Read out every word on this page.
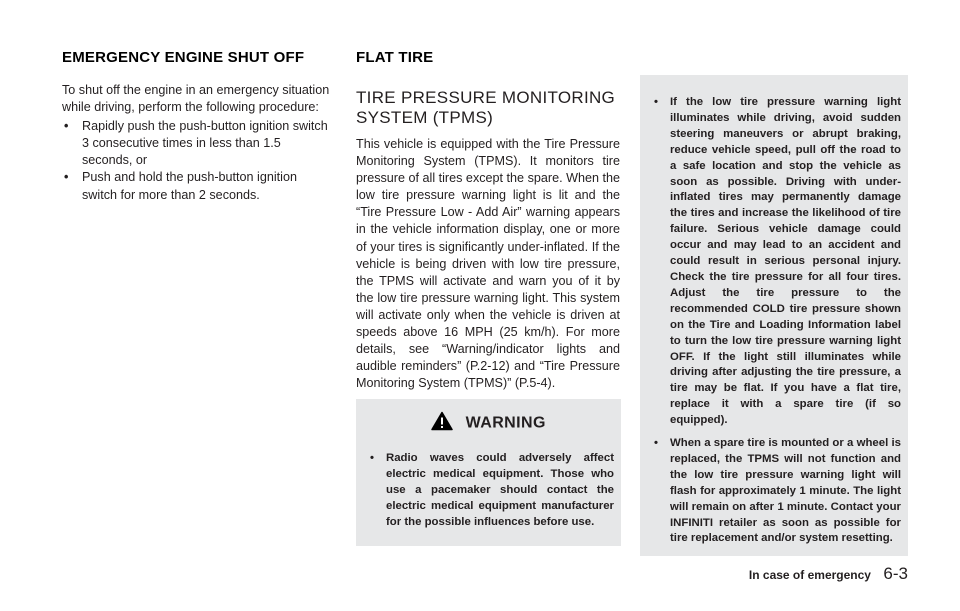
EMERGENCY ENGINE SHUT OFF
To shut off the engine in an emergency situation while driving, perform the following procedure:
• Rapidly push the push-button ignition switch 3 consecutive times in less than 1.5 seconds, or
• Push and hold the push-button ignition switch for more than 2 seconds.
FLAT TIRE
TIRE PRESSURE MONITORING SYSTEM (TPMS)
This vehicle is equipped with the Tire Pressure Monitoring System (TPMS). It monitors tire pressure of all tires except the spare. When the low tire pressure warning light is lit and the “Tire Pressure Low - Add Air” warning appears in the vehicle information display, one or more of your tires is significantly under-inflated. If the vehicle is being driven with low tire pressure, the TPMS will activate and warn you of it by the low tire pressure warning light. This system will activate only when the vehicle is driven at speeds above 16 MPH (25 km/h). For more details, see “Warning/indicator lights and audible reminders” (P.2-12) and “Tire Pressure Monitoring System (TPMS)” (P.5-4).
WARNING
• Radio waves could adversely affect electric medical equipment. Those who use a pacemaker should contact the electric medical equipment manufacturer for the possible influences before use.
• If the low tire pressure warning light illuminates while driving, avoid sudden steering maneuvers or abrupt braking, reduce vehicle speed, pull off the road to a safe location and stop the vehicle as soon as possible. Driving with under-inflated tires may permanently damage the tires and increase the likelihood of tire failure. Serious vehicle damage could occur and may lead to an accident and could result in serious personal injury. Check the tire pressure for all four tires. Adjust the tire pressure to the recommended COLD tire pressure shown on the Tire and Loading Information label to turn the low tire pressure warning light OFF. If the light still illuminates while driving after adjusting the tire pressure, a tire may be flat. If you have a flat tire, replace it with a spare tire (if so equipped).
• When a spare tire is mounted or a wheel is replaced, the TPMS will not function and the low tire pressure warning light will flash for approximately 1 minute. The light will remain on after 1 minute. Contact your INFINITI retailer as soon as possible for tire replacement and/or system resetting.
In case of emergency 6-3
